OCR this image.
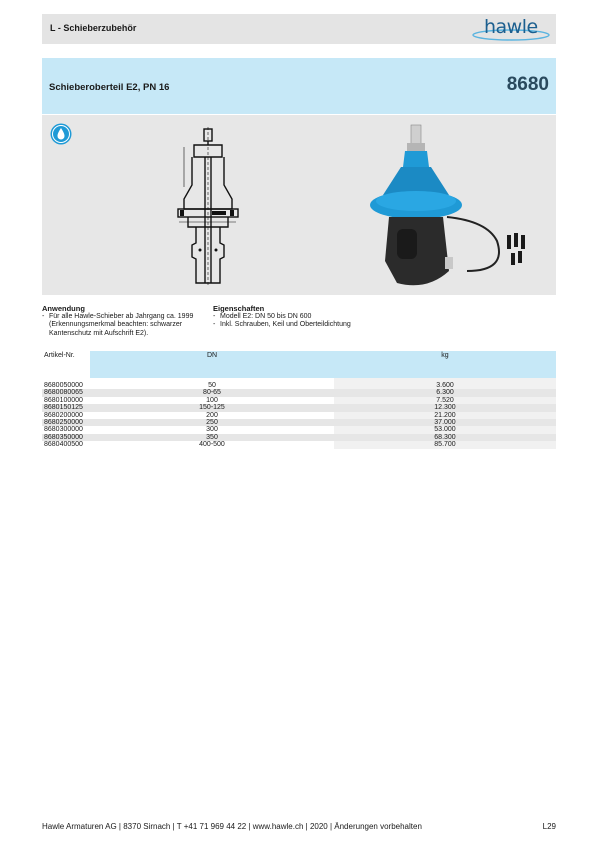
L - Schieberzubehör	hawle
Schieberoberteil E2, PN 16	8680
Anwendung
- Für alle Hawle-Schieber ab Jahrgang ca. 1999 (Erkennungsmerkmal beachten: schwarzer Kantenschutz mit Aufschrift E2).
Eigenschaften
- Modell E2: DN 50 bis DN 600
- Inkl. Schrauben, Keil und Oberteildichtung
Artikel-Nr.	DN	kg

8680050000	50	3.600
8680080065	80-65	6.300
8680100000	100	7.520
8680150125	150-125	12.300
8680200000	200	21.200
8680250000	250	37.000
8680300000	300	53.000
8680350000	350	68.300
8680400500	400-500	85.700
Hawle Armaturen AG | 8370 Sirnach | T +41 71 969 44 22 | www.hawle.ch | 2020 | Änderungen vorbehalten	L29
